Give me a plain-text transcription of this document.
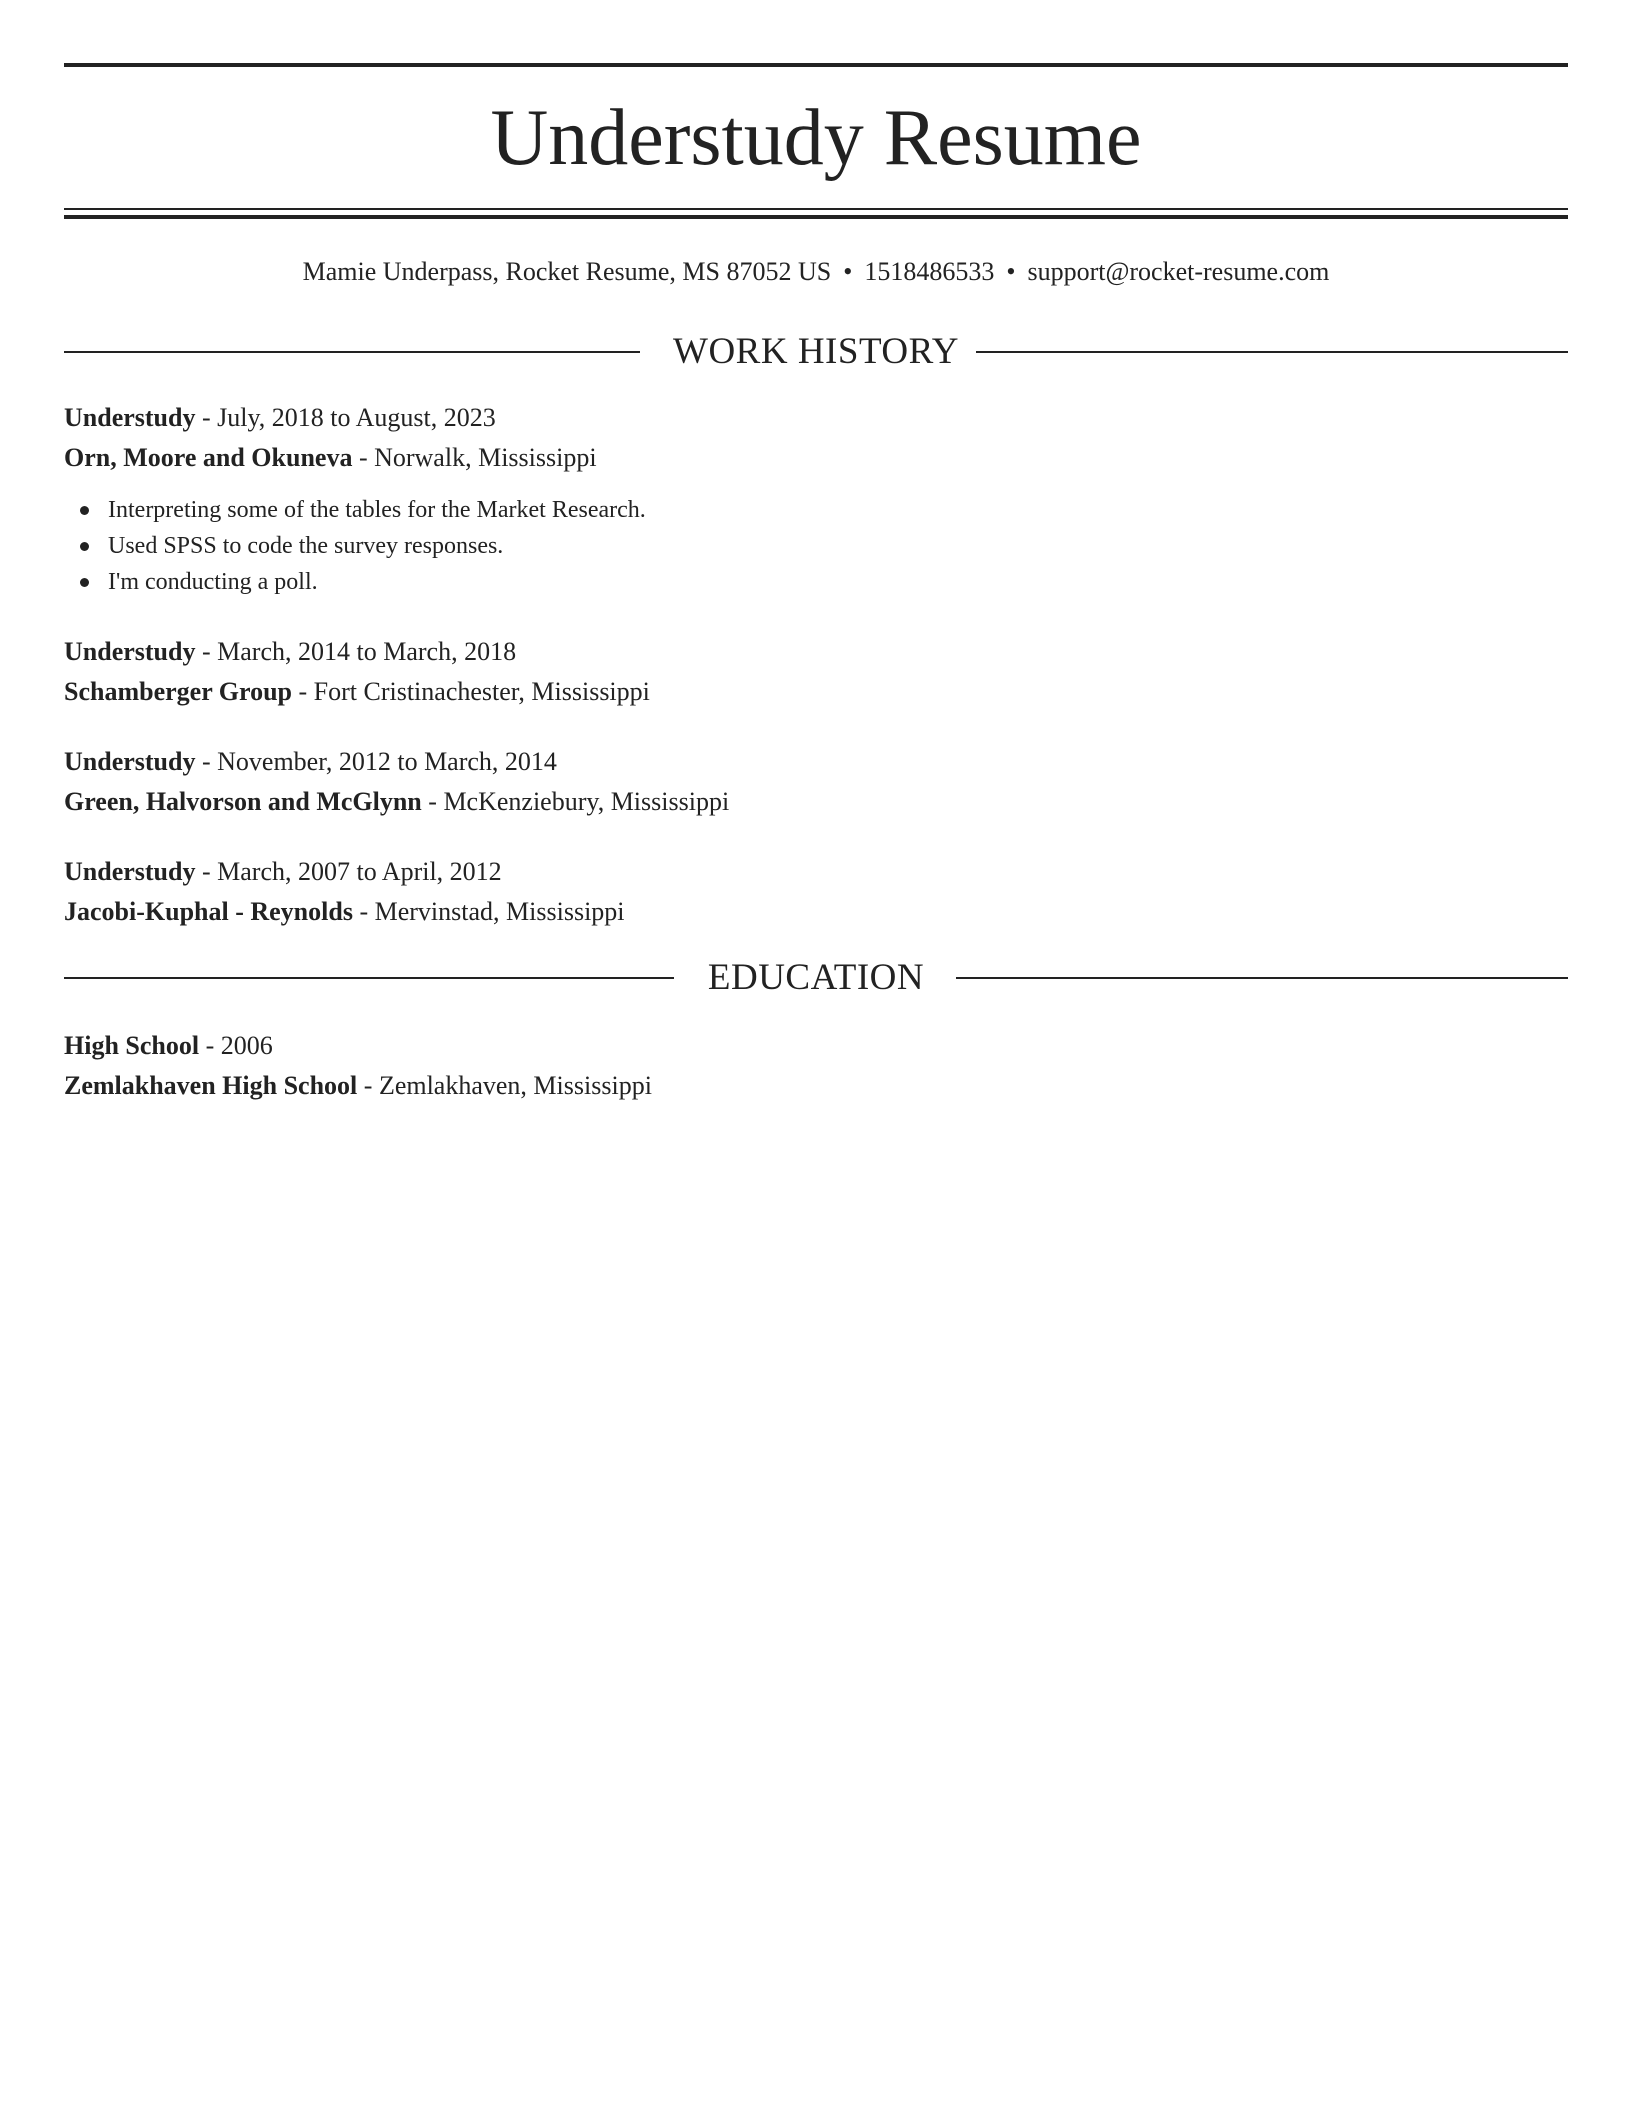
Understudy Resume
Mamie Underpass, Rocket Resume, MS 87052 US • 1518486533 • support@rocket-resume.com
WORK HISTORY
Understudy - July, 2018 to August, 2023
Orn, Moore and Okuneva - Norwalk, Mississippi
Interpreting some of the tables for the Market Research.
Used SPSS to code the survey responses.
I'm conducting a poll.
Understudy - March, 2014 to March, 2018
Schamberger Group - Fort Cristinachester, Mississippi
Understudy - November, 2012 to March, 2014
Green, Halvorson and McGlynn - McKenziebury, Mississippi
Understudy - March, 2007 to April, 2012
Jacobi-Kuphal - Reynolds - Mervinstad, Mississippi
EDUCATION
High School - 2006
Zemlakhaven High School - Zemlakhaven, Mississippi
